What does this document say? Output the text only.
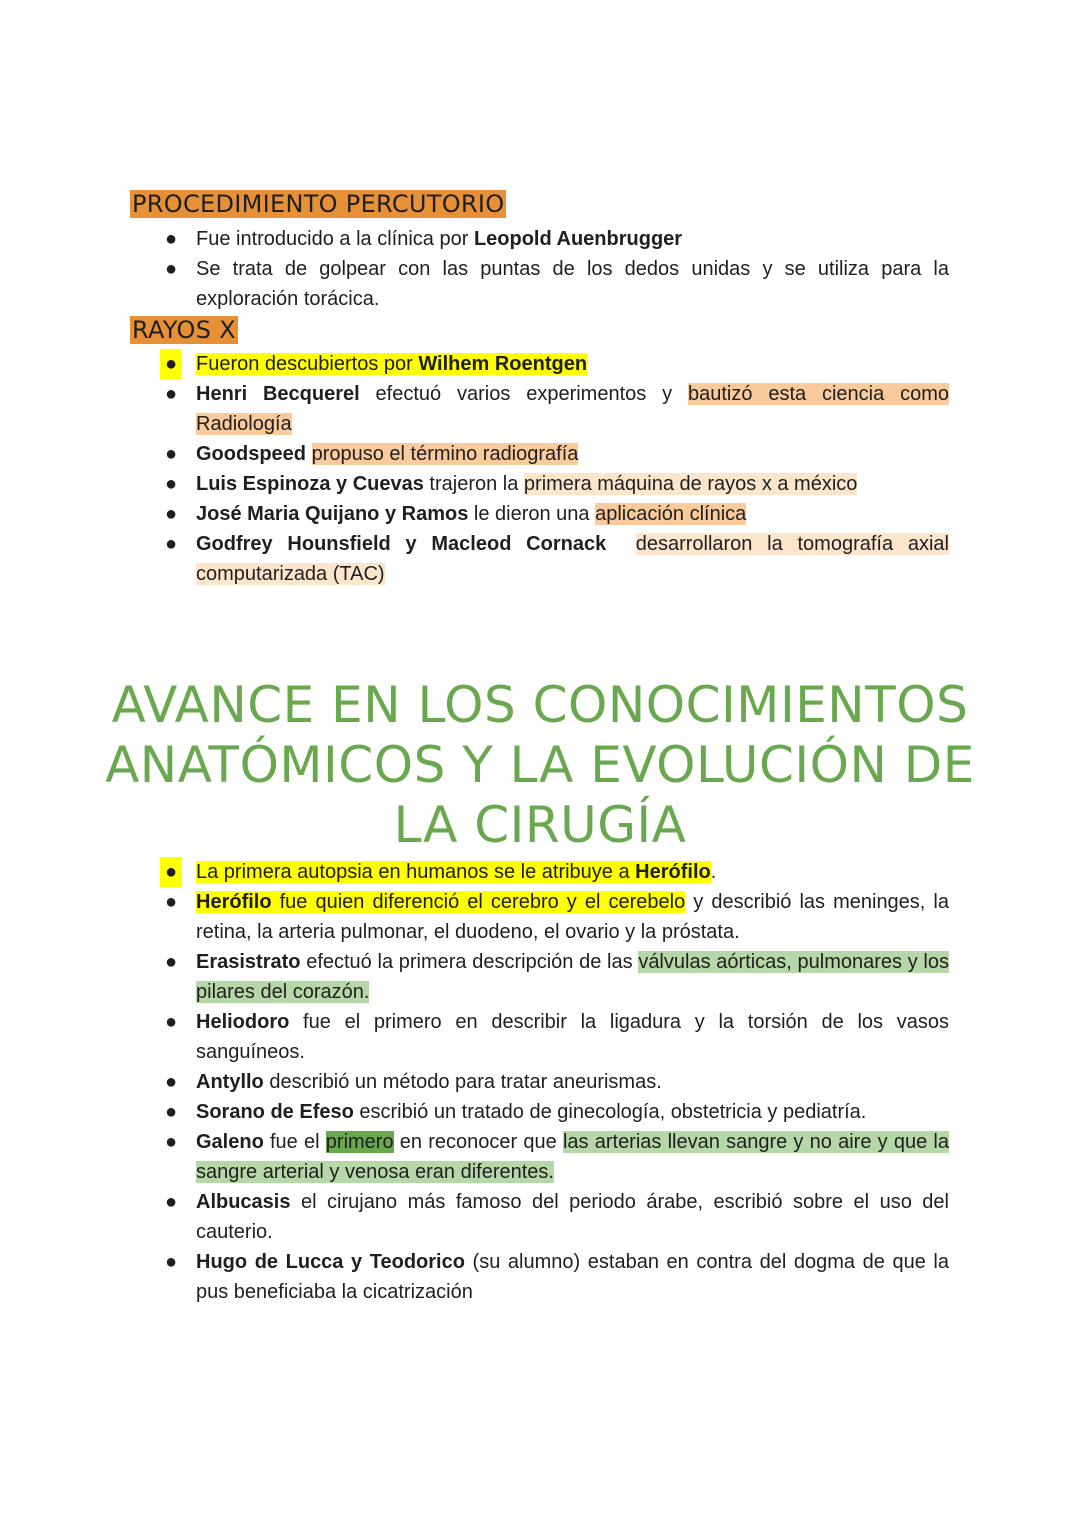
PROCEDIMIENTO PERCUTORIO
● Fue introducido a la clínica por Leopold Auenbrugger
● Se trata de golpear con las puntas de los dedos unidas y se utiliza para la exploración torácica.
RAYOS X
● Fueron descubiertos por Wilhem Roentgen
● Henri Becquerel efectuó varios experimentos y bautizó esta ciencia como Radiología
● Goodspeed propuso el término radiografía
● Luis Espinoza y Cuevas trajeron la primera máquina de rayos x a méxico
● José Maria Quijano y Ramos le dieron una aplicación clínica
● Godfrey Hounsfield y Macleod Cornack desarrollaron la tomografía axial computarizada (TAC)
AVANCE EN LOS CONOCIMIENTOS ANATÓMICOS Y LA EVOLUCIÓN DE LA CIRUGÍA
● La primera autopsia en humanos se le atribuye a Herófilo.
● Herófilo fue quien diferenció el cerebro y el cerebelo y describió las meninges, la retina, la arteria pulmonar, el duodeno, el ovario y la próstata.
● Erasistrato efectuó la primera descripción de las válvulas aórticas, pulmonares y los pilares del corazón.
● Heliodoro fue el primero en describir la ligadura y la torsión de los vasos sanguíneos.
● Antyllo describió un método para tratar aneurismas.
● Sorano de Efeso escribió un tratado de ginecología, obstetricia y pediatría.
● Galeno fue el primero en reconocer que las arterias llevan sangre y no aire y que la sangre arterial y venosa eran diferentes.
● Albucasis el cirujano más famoso del periodo árabe, escribió sobre el uso del cauterio.
● Hugo de Lucca y Teodorico (su alumno) estaban en contra del dogma de que la pus beneficiaba la cicatrización
